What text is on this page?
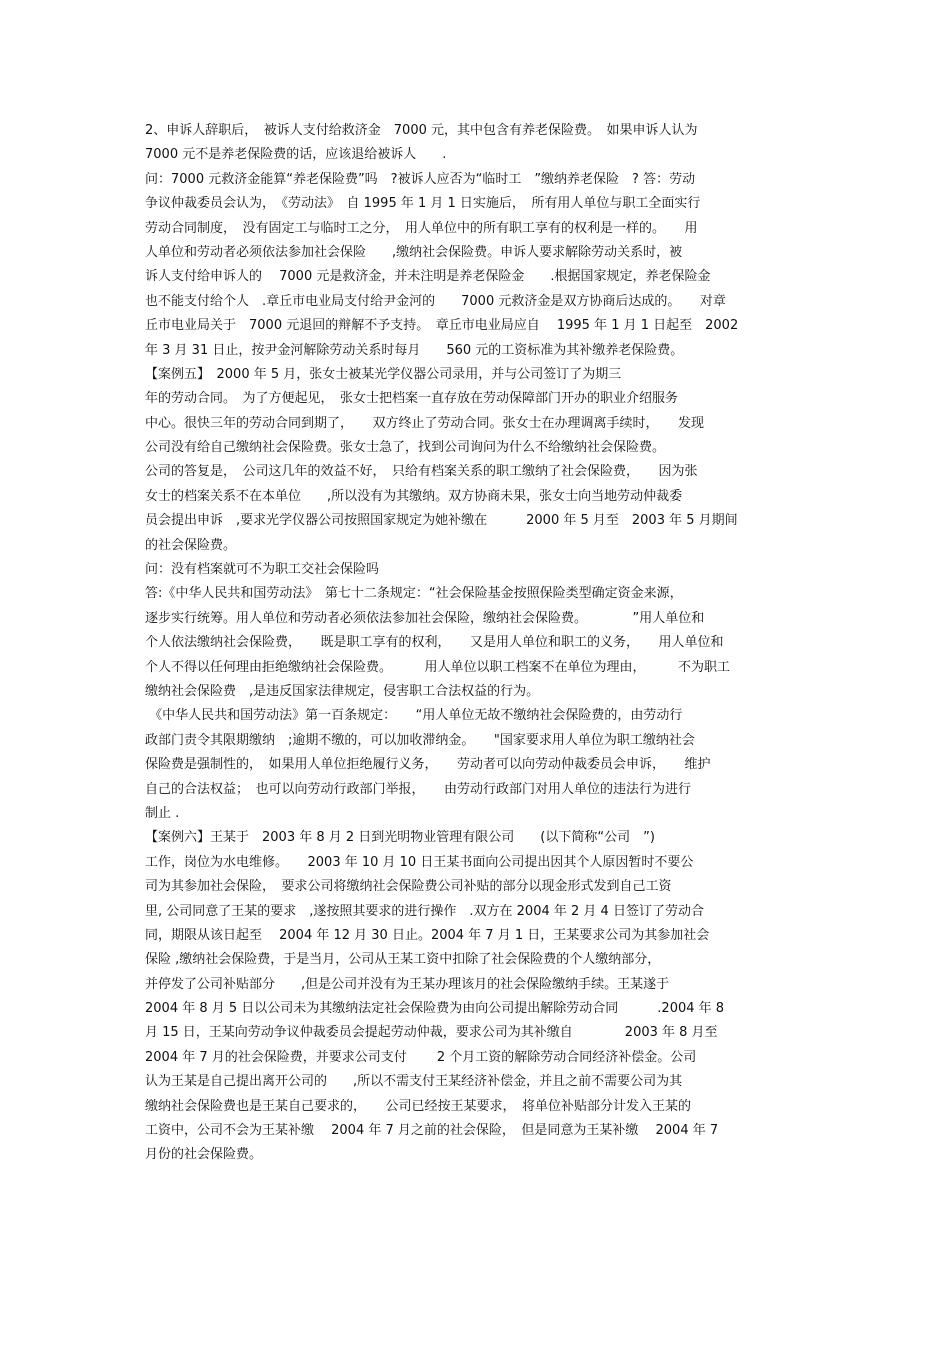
2、申诉人辞职后，　被诉人支付给救济金　7000 元，其中包含有养老保险费。　如果申诉人认为
7000 元不是养老保险费的话，应该退给被诉人　　.
问：7000 元救济金能算“养老保险费”吗　?被诉人应否为“临时工　”缴纳养老保险　? 答：劳动
争议仲裁委员会认为，　《劳动法》　自 1995 年 1 月 1 日实施后，　所有用人单位与职工全面实行
劳动合同制度，　没有固定工与临时工之分，　用人单位中的所有职工享有的权利是一样的。　　用
人单位和劳动者必须依法参加社会保险　　,缴纳社会保险费。申诉人要求解除劳动关系时，被
诉人支付给申诉人的　 7000 元是救济金，并未注明是养老保险金　　.根据国家规定，养老保险金
也不能支付给个人　.章丘市电业局支付给尹金河的　　7000 元救济金是双方协商后达成的。　　对章
丘市电业局关于　7000 元退回的辩解不予支持。　章丘市电业局应自　 1995 年 1 月 1 日起至　2002
年 3 月 31 日止，按尹金河解除劳动关系时每月　　560 元的工资标准为其补缴养老保险费。
【案例五】　2000 年 5 月，张女士被某光学仪器公司录用，并与公司签订了为期三
年的劳动合同。　为了方便起见，　张女士把档案一直存放在劳动保障部门开办的职业介绍服务
中心。很快三年的劳动合同到期了，　　双方终止了劳动合同。张女士在办理调离手续时，　　发现
公司没有给自己缴纳社会保险费。张女士急了，找到公司询问为什么不给缴纳社会保险费。
公司的答复是，　公司这几年的效益不好，　只给有档案关系的职工缴纳了社会保险费，　　因为张
女士的档案关系不在本单位　　,所以没有为其缴纳。双方协商未果，张女士向当地劳动仲裁委
员会提出申诉　,要求光学仪器公司按照国家规定为她补缴在　　　2000 年 5 月至　2003 年 5 月期间
的社会保险费。
问：没有档案就可不为职工交社会保险吗
答:《中华人民共和国劳动法》　第七十二条规定：“社会保险基金按照保险类型确定资金来源，
逐步实行统筹。用人单位和劳动者必须依法参加社会保险，缴纳社会保险费。　　　　”用人单位和
个人依法缴纳社会保险费，　　既是职工享有的权利，　　又是用人单位和职工的义务，　　用人单位和
个人不得以任何理由拒绝缴纳社会保险费。　　　用人单位以职工档案不在单位为理由，　　　不为职工
缴纳社会保险费　,是违反国家法律规定，侵害职工合法权益的行为。
《中华人民共和国劳动法》第一百条规定：　　“用人单位无故不缴纳社会保险费的，由劳动行
政部门责令其限期缴纳　;逾期不缴的，可以加收滞纳金。　　"国家要求用人单位为职工缴纳社会
保险费是强制性的，　如果用人单位拒绝履行义务，　　劳动者可以向劳动仲裁委员会申诉，　　维护
自己的合法权益；　也可以向劳动行政部门举报，　　由劳动行政部门对用人单位的违法行为进行
制止 .
【案例六】王某于　2003 年 8 月 2 日到光明物业管理有限公司　　(以下简称“公司　”)
工作，岗位为水电维修。　　2003 年 10 月 10 日王某书面向公司提出因其个人原因暂时不要公
司为其参加社会保险，　要求公司将缴纳社会保险费公司补贴的部分以现金形式发到自己工资
里, 公司同意了王某的要求　,遂按照其要求的进行操作　.双方在 2004 年 2 月 4 日签订了劳动合
同，期限从该日起至　 2004 年 12 月 30 日止。2004 年 7 月 1 日，王某要求公司为其参加社会
保险 ,缴纳社会保险费，于是当月，公司从王某工资中扣除了社会保险费的个人缴纳部分，
并停发了公司补贴部分　　,但是公司并没有为王某办理该月的社会保险缴纳手续。王某遂于
2004 年 8 月 5 日以公司未为其缴纳法定社会保险费为由向公司提出解除劳动合同　　　.2004 年 8
月 15 日，王某向劳动争议仲裁委员会提起劳动仲裁，要求公司为其补缴自　　　　2003 年 8 月至
2004 年 7 月的社会保险费，并要求公司支付　　 2 个月工资的解除劳动合同经济补偿金。公司
认为王某是自己提出离开公司的　　,所以不需支付王某经济补偿金，并且之前不需要公司为其
缴纳社会保险费也是王某自己要求的，　　公司已经按王某要求，　将单位补贴部分计发入王某的
工资中，公司不会为王某补缴　 2004 年 7 月之前的社会保险，　但是同意为王某补缴　 2004 年 7
月份的社会保险费。
